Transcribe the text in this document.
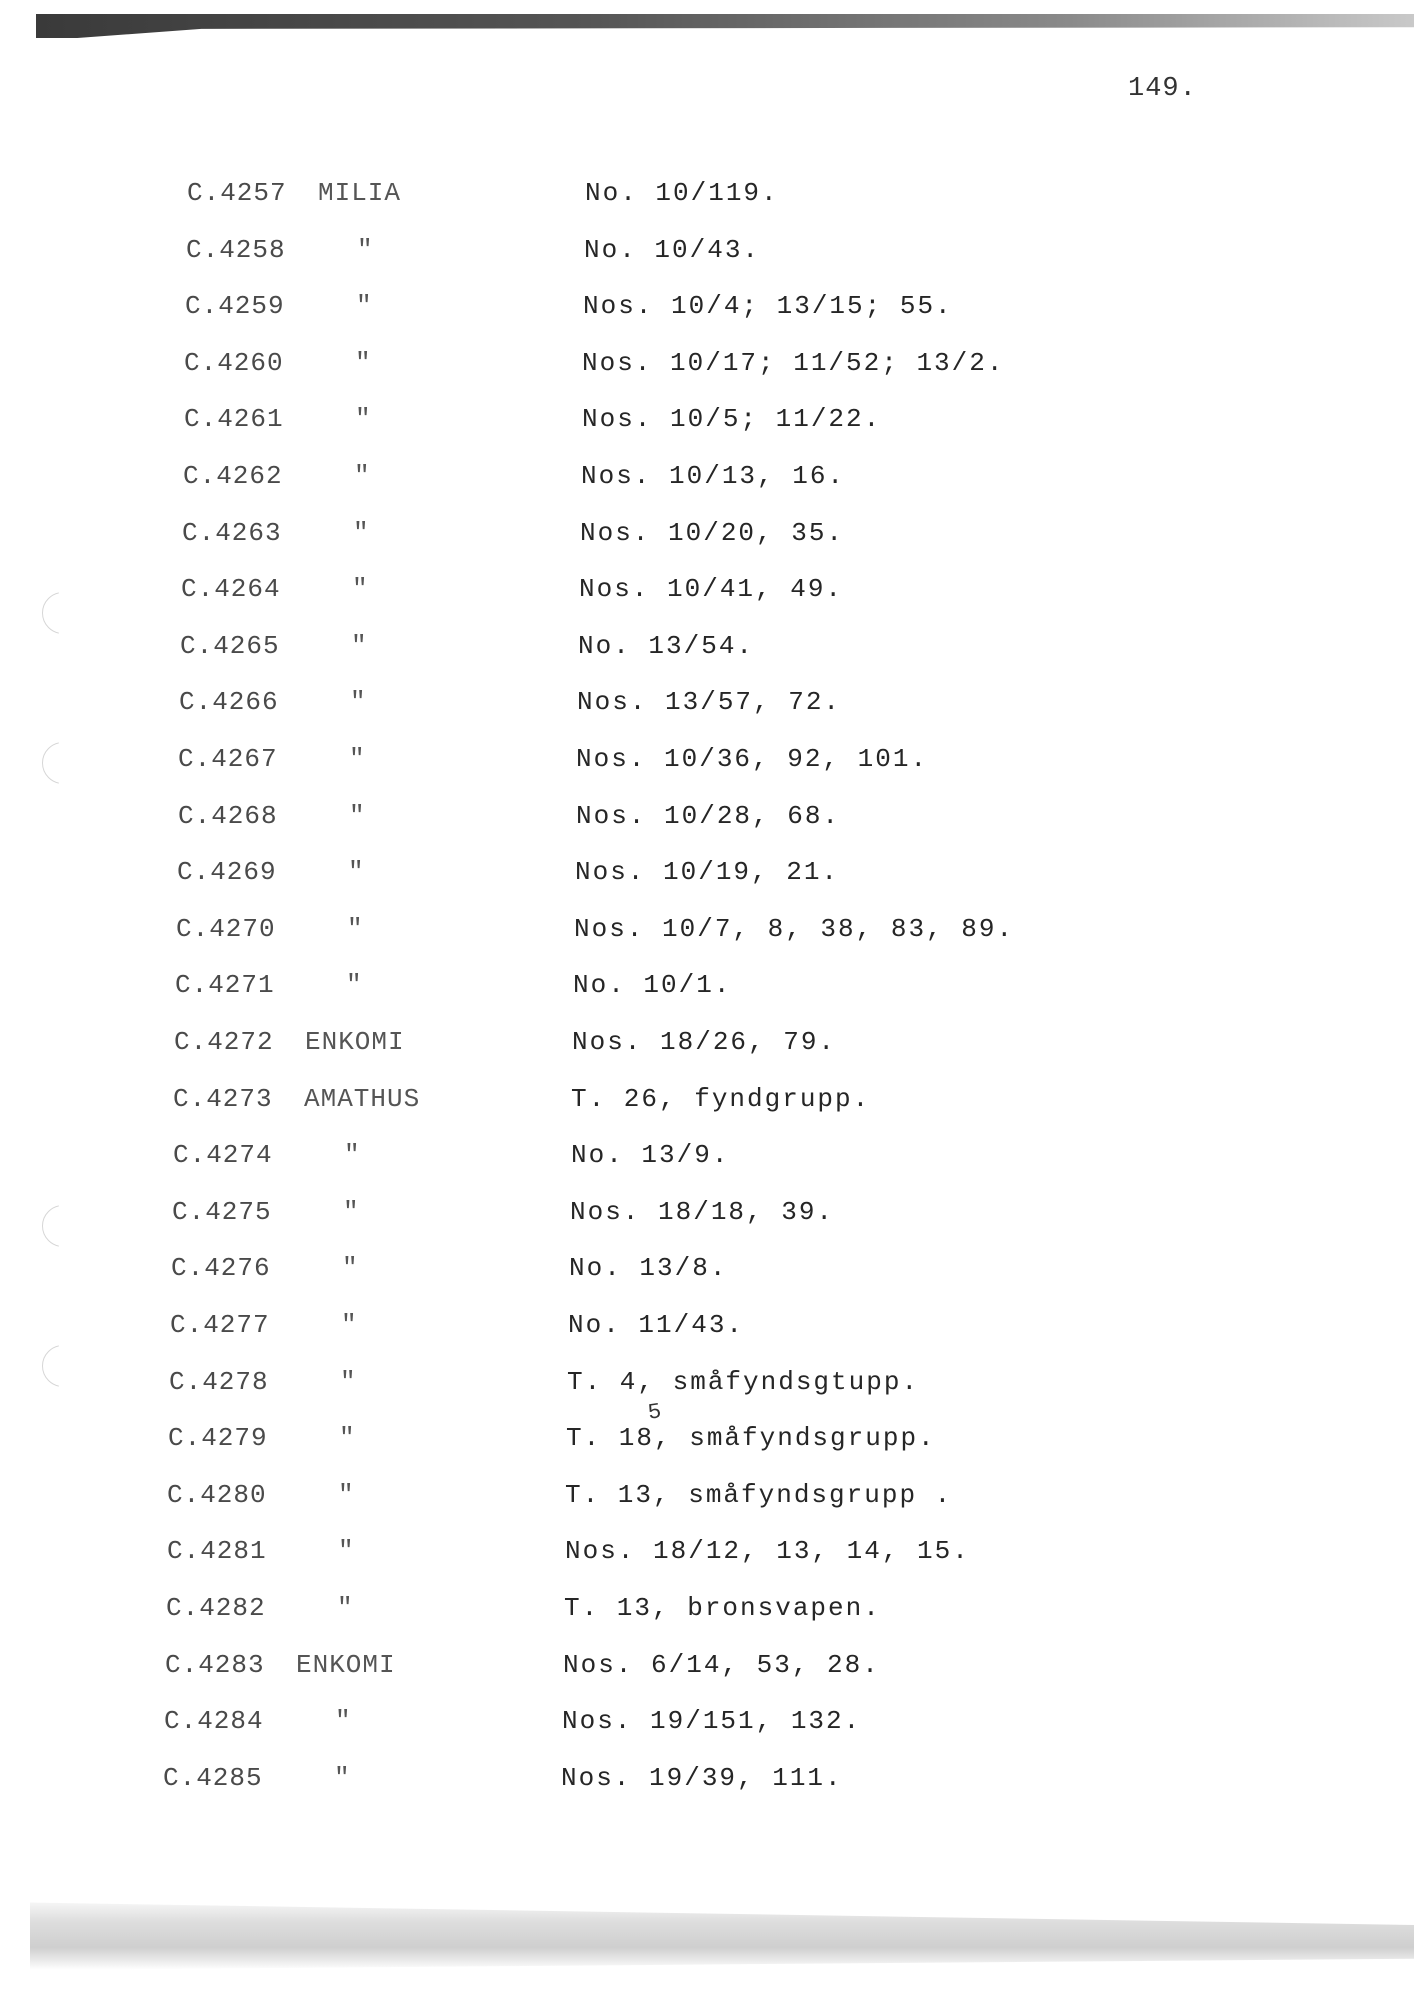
149.
C.4257 MILIA	No. 10/119.
C.4258	"	No. 10/43.
C.4259	"	Nos. 10/4; 13/15; 55.
C.4260	"	Nos. 10/17; 11/52; 13/2.
C.4261	"	Nos. 10/5; 11/22.
C.4262	"	Nos. 10/13, 16.
C.4263	"	Nos. 10/20, 35.
C.4264	"	Nos. 10/41, 49.
C.4265	"	No. 13/54.
C.4266	"	Nos. 13/57, 72.
C.4267	"	Nos. 10/36, 92, 101.
C.4268	"	Nos. 10/28, 68.
C.4269	"	Nos. 10/19, 21.
C.4270	"	Nos. 10/7, 8, 38, 83, 89.
C.4271	"	No. 10/1.
C.4272 ENKOMI	Nos. 18/26, 79.
C.4273 AMATHUS	T. 26, fyndgrupp.
C.4274	"	No. 13/9.
C.4275	"	Nos. 18/18, 39.
C.4276	"	No. 13/8.
C.4277	"	No. 11/43.
C.4278	"	T. 4, småfyndsgtupp.
C.4279	"	T. 18, småfyndsgrupp.
C.4280	"	T. 13, småfyndsgrupp .
C.4281	"	Nos. 18/12, 13, 14, 15.
C.4282	"	T. 13, bronsvapen.
C.4283 ENKOMI	Nos. 6/14, 53, 28.
C.4284	"	Nos. 19/151, 132.
C.4285	"	Nos. 19/39, 111.
5
